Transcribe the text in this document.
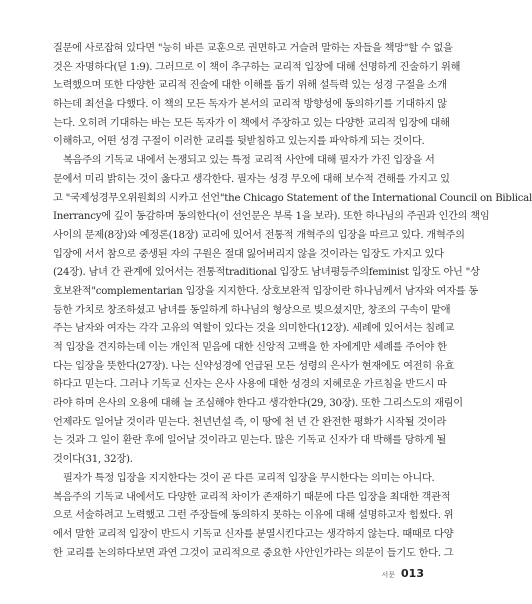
질문에 사로잡혀 있다면 "능히 바른 교훈으로 권면하고 거슬려 말하는 자들을 책망"할 수 없을

것은 자명하다(딛 1:9). 그러므로 이 책이 추구하는 교리적 입장에 대해 선명하게 진술하기 위해

노력했으며 또한 다양한 교리적 진술에 대한 이해를 돕기 위해 설득력 있는 성경 구절을 소개

하는데 최선을 다했다. 이 책의 모든 독자가 본서의 교리적 방향성에 동의하기를 기대하지 않

는다. 오히려 기대하는 바는 모든 독자가 이 책에서 주장하고 있는 다양한 교리적 입장에 대해

이해하고, 어떤 성경 구절이 이러한 교리를 뒷받침하고 있는지를 파악하게 되는 것이다.

복음주의 기독교 내에서 논쟁되고 있는 특정 교리적 사안에 대해 필자가 가진 입장을 서

문에서 미리 밝히는 것이 옳다고 생각한다. 필자는 성경 무오에 대해 보수적 견해를 가지고 있

고 "국제성경무오위원회의 시카고 선언"the Chicago Statement of the International Council on Biblical

Inerrancy에 깊이 동감하며 동의한다(이 선언문은 부록 1을 보라). 또한 하나님의 주권과 인간의 책임

사이의 문제(8장)와 예정론(18장) 교리에 있어서 전통적 개혁주의 입장을 따르고 있다. 개혁주의

입장에 서서 참으로 중생된 자의 구원은 절대 잃어버리지 않을 것이라는 입장도 가지고 있다

(24장). 남녀 간 관계에 있어서는 전통적traditional 입장도 남녀평등주의feminist 입장도 아닌 "상

호보완적"complementarian 입장을 지지한다. 상호보완적 입장이란 하나님께서 남자와 여자를 동

등한 가치로 창조하셨고 남녀를 동일하게 하나님의 형상으로 빚으셨지만, 창조의 구속이 맡애

주는 남자와 여자는 각각 고유의 역할이 있다는 것을 의미한다(12장). 세례에 있어서는 침례교

적 입장을 견지하는데 이는 개인적 믿음에 대한 신앙적 고백을 한 자에게만 세례를 주어야 한

다는 입장을 뜻한다(27장). 나는 신약성경에 언급된 모든 성령의 은사가 현재에도 여전히 유효

하다고 믿는다. 그러나 기독교 신자는 은사 사용에 대한 성경의 지혜로운 가르침을 반드시 따

라야 하며 은사의 오용에 대해 늘 조심해야 한다고 생각한다(29, 30장). 또한 그리스도의 재림이

언제라도 일어날 것이라 믿는다. 천년년설 즉, 이 땅에 천 년 간 완전한 평화가 시작될 것이라

는 것과 그 일이 환란 후에 일어날 것이라고 믿는다. 많은 기독교 신자가 대 박해를 당하게 될

것이다(31, 32장).

필자가 특정 입장을 지지한다는 것이 곧 다른 교리적 입장을 무시한다는 의미는 아니다.

복음주의 기독교 내에서도 다양한 교리적 차이가 존재하기 때문에 다른 입장을 최대한 객관적

으로 서술하려고 노력했고 그런 주장들에 동의하지 못하는 이유에 대해 설명하고자 힘썼다. 위

에서 말한 교리적 입장이 반드시 기독교 신자를 분열시킨다고는 생각하지 않는다. 때때로 다양

한 교리를 논의하다보면 과연 그것이 교리적으로 중요한 사안인가라는 의문이 들기도 한다. 그

서문 013
